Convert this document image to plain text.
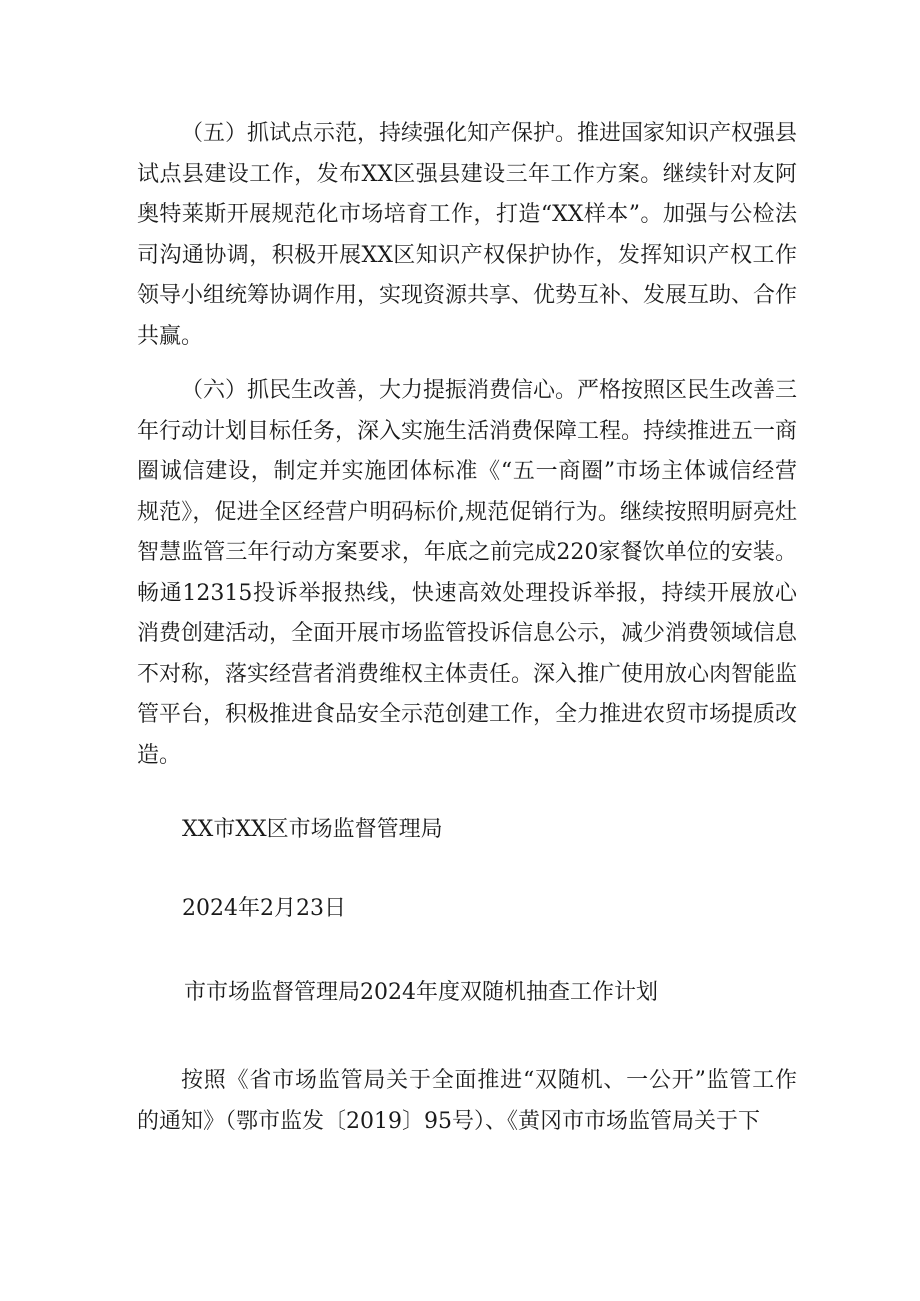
（五）抓试点示范，持续强化知产保护。推进国家知识产权强县试点县建设工作，发布XX区强县建设三年工作方案。继续针对友阿奥特莱斯开展规范化市场培育工作，打造“XX样本”。加强与公检法司沟通协调，积极开展XX区知识产权保护协作，发挥知识产权工作领导小组统筹协调作用，实现资源共享、优势互补、发展互助、合作共赢。

（六）抓民生改善，大力提振消费信心。严格按照区民生改善三年行动计划目标任务，深入实施生活消费保障工程。持续推进五一商圈诚信建设，制定并实施团体标准《“五一商圈”市场主体诚信经营规范》，促进全区经营户明码标价,规范促销行为。继续按照明厨亮灶智慧监管三年行动方案要求，年底之前完成220家餐饮单位的安装。畅通12315投诉举报热线，快速高效处理投诉举报，持续开展放心消费创建活动，全面开展市场监管投诉信息公示，减少消费领域信息不对称，落实经营者消费维权主体责任。深入推广使用放心肉智能监管平台，积极推进食品安全示范创建工作，全力推进农贸市场提质改造。

XX市XX区市场监督管理局

2024年2月23日

市市场监督管理局2024年度双随机抽查工作计划

按照《省市场监管局关于全面推进“双随机、一公开”监管工作的通知》（鄂市监发〔2019〕95号）、《黄冈市市场监管局关于下
